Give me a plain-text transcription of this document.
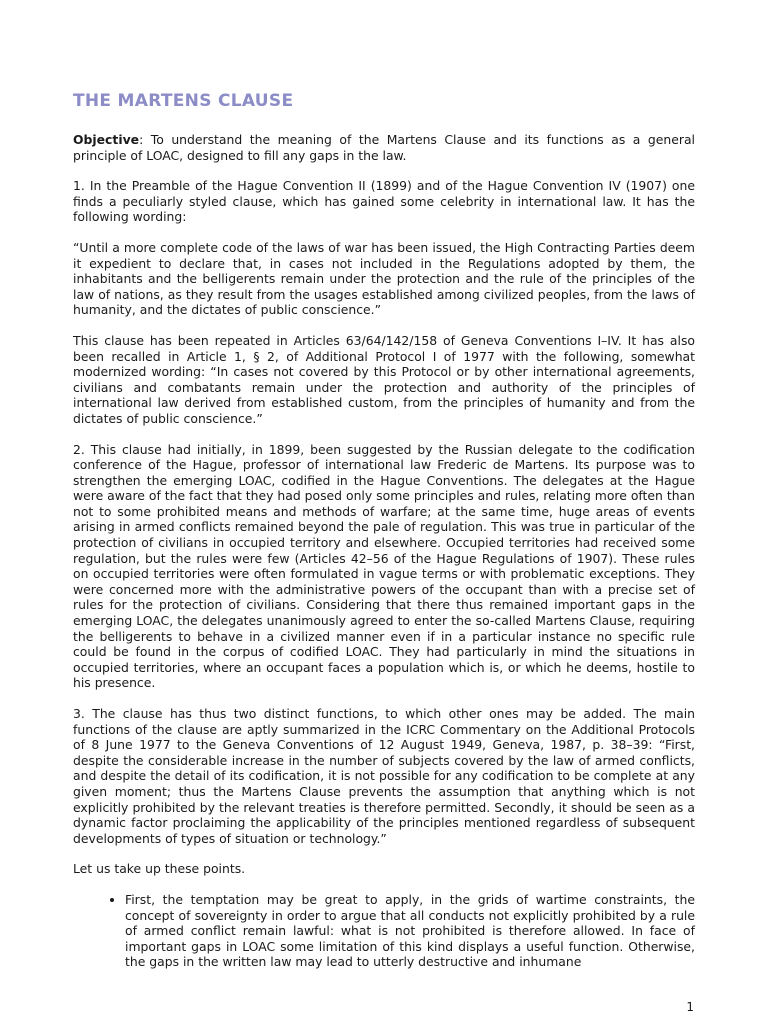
THE MARTENS CLAUSE

Objective: To understand the meaning of the Martens Clause and its functions as a general principle of LOAC, designed to fill any gaps in the law.

1. In the Preamble of the Hague Convention II (1899) and of the Hague Convention IV (1907) one finds a peculiarly styled clause, which has gained some celebrity in international law. It has the following wording:

“Until a more complete code of the laws of war has been issued, the High Contracting Parties deem it expedient to declare that, in cases not included in the Regulations adopted by them, the inhabitants and the belligerents remain under the protection and the rule of the principles of the law of nations, as they result from the usages established among civilized peoples, from the laws of humanity, and the dictates of public conscience.”

This clause has been repeated in Articles 63/64/142/158 of Geneva Conventions I–IV. It has also been recalled in Article 1, § 2, of Additional Protocol I of 1977 with the following, somewhat modernized wording: “In cases not covered by this Protocol or by other international agreements, civilians and combatants remain under the protection and authority of the principles of international law derived from established custom, from the principles of humanity and from the dictates of public conscience.”

2. This clause had initially, in 1899, been suggested by the Russian delegate to the codification conference of the Hague, professor of international law Frederic de Martens. Its purpose was to strengthen the emerging LOAC, codified in the Hague Conventions. The delegates at the Hague were aware of the fact that they had posed only some principles and rules, relating more often than not to some prohibited means and methods of warfare; at the same time, huge areas of events arising in armed conflicts remained beyond the pale of regulation. This was true in particular of the protection of civilians in occupied territory and elsewhere. Occupied territories had received some regulation, but the rules were few (Articles 42–56 of the Hague Regulations of 1907). These rules on occupied territories were often formulated in vague terms or with problematic exceptions. They were concerned more with the administrative powers of the occupant than with a precise set of rules for the protection of civilians. Considering that there thus remained important gaps in the emerging LOAC, the delegates unanimously agreed to enter the so-called Martens Clause, requiring the belligerents to behave in a civilized manner even if in a particular instance no specific rule could be found in the corpus of codified LOAC. They had particularly in mind the situations in occupied territories, where an occupant faces a population which is, or which he deems, hostile to his presence.

3. The clause has thus two distinct functions, to which other ones may be added. The main functions of the clause are aptly summarized in the ICRC Commentary on the Additional Protocols of 8 June 1977 to the Geneva Conventions of 12 August 1949, Geneva, 1987, p. 38–39: “First, despite the considerable increase in the number of subjects covered by the law of armed conflicts, and despite the detail of its codification, it is not possible for any codification to be complete at any given moment; thus the Martens Clause prevents the assumption that anything which is not explicitly prohibited by the relevant treaties is therefore permitted. Secondly, it should be seen as a dynamic factor proclaiming the applicability of the principles mentioned regardless of subsequent developments of types of situation or technology.”

Let us take up these points.

• First, the temptation may be great to apply, in the grids of wartime constraints, the concept of sovereignty in order to argue that all conducts not explicitly prohibited by a rule of armed conflict remain lawful: what is not prohibited is therefore allowed. In face of important gaps in LOAC some limitation of this kind displays a useful function. Otherwise, the gaps in the written law may lead to utterly destructive and inhumane
1
